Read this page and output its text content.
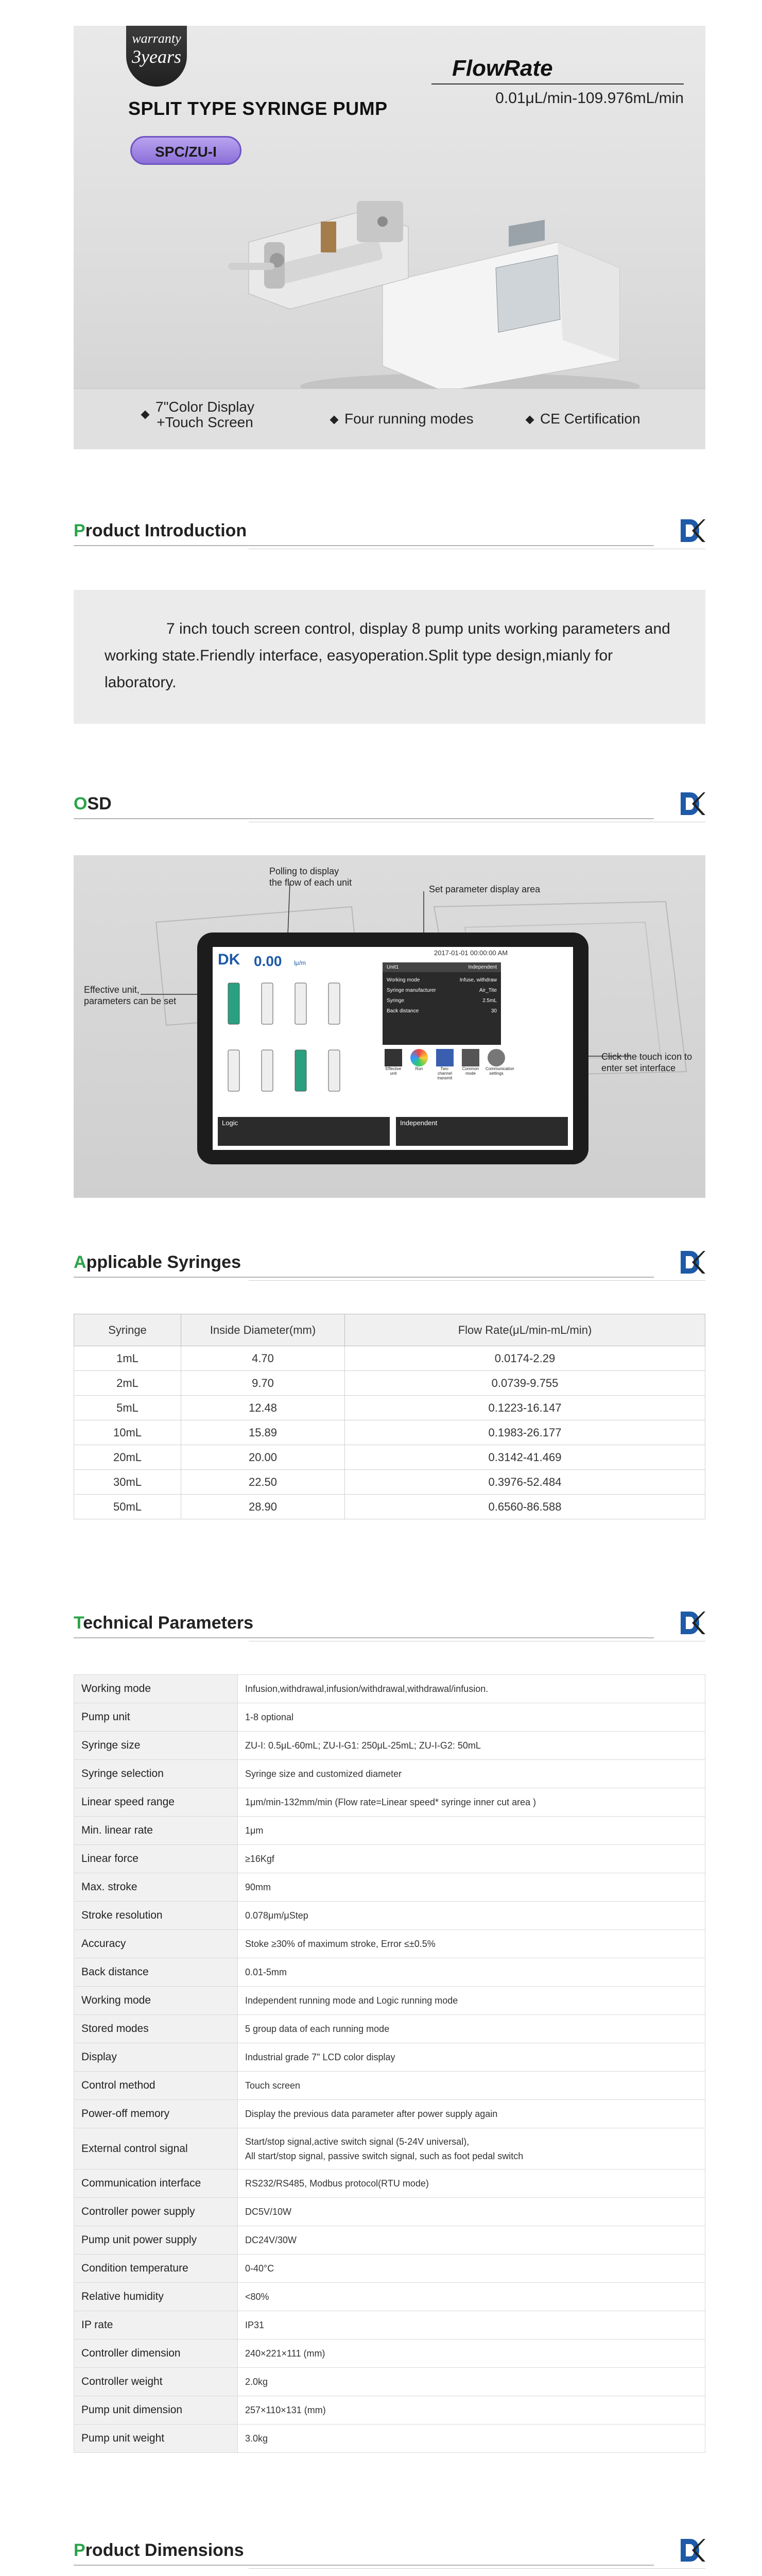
warranty
3years
SPLIT TYPE SYRINGE PUMP
SPC/ZU-I
FlowRate
0.01μL/min-109.976mL/min
7"Color Display
+Touch Screen	Four running modes	CE Certification
Product Introduction

7 inch touch screen control, display 8 pump units working parameters and working state.Friendly interface, easyoperation.Split type design,mianly for laboratory.

OSD
Polling to display
the flow of each unit
Set parameter display area
Effective unit,
parameters can be set
Click the touch icon to
enter set interface
DK 0.00 lμ/m
2017-01-01 00:00:00 AM
Unit1	Independent
Working mode	Infuse, withdraw
Syringe manufacturer	Air_Tite
Syringe	2.5mL
Back distance	30
Effective unit
Run	Two-channel transmit
Common mode
Communication settings
Logic	Independent
Applicable Syringes
Syringe	Inside Diameter(mm)	Flow Rate(μL/min-mL/min)
1mL	4.70	0.0174-2.29
2mL	9.70	0.0739-9.755
5mL	12.48	0.1223-16.147
10mL	15.89	0.1983-26.177
20mL	20.00	0.3142-41.469
30mL	22.50	0.3976-52.484
50mL	28.90	0.6560-86.588
Technical Parameters
Working mode	Infusion,withdrawal,infusion/withdrawal,withdrawal/infusion.
Pump unit	1-8 optional
Syringe size	ZU-I: 0.5μL-60mL; ZU-I-G1: 250μL-25mL; ZU-I-G2: 50mL
Syringe selection	Syringe size and customized diameter
Linear speed range	1μm/min-132mm/min (Flow rate=Linear speed* syringe inner cut area )
Min. linear rate	1μm
Linear force	≥16Kgf
Max. stroke	90mm
Stroke resolution	0.078μm/μStep
Accuracy	Stoke ≥30% of maximum stroke, Error ≤±0.5%
Back distance	0.01-5mm
Working mode	Independent running mode and Logic running mode
Stored modes	5 group data of each running mode
Display	Industrial grade 7" LCD color display
Control method	Touch screen
Power-off memory	Display the previous data parameter after power supply again
External control signal	Start/stop signal,active switch signal (5-24V universal),
All start/stop signal, passive switch signal, such as foot pedal switch

Communication interface	RS232/RS485, Modbus protocol(RTU mode)
Controller power supply	DC5V/10W
Pump unit power supply	DC24V/30W
Condition temperature	0-40°C
Relative humidity	<80%
IP rate	IP31
Controller dimension	240×221×111 (mm)
Controller weight	2.0kg
Pump unit dimension	257×110×131 (mm)
Pump unit weight	3.0kg
Product Dimensions
